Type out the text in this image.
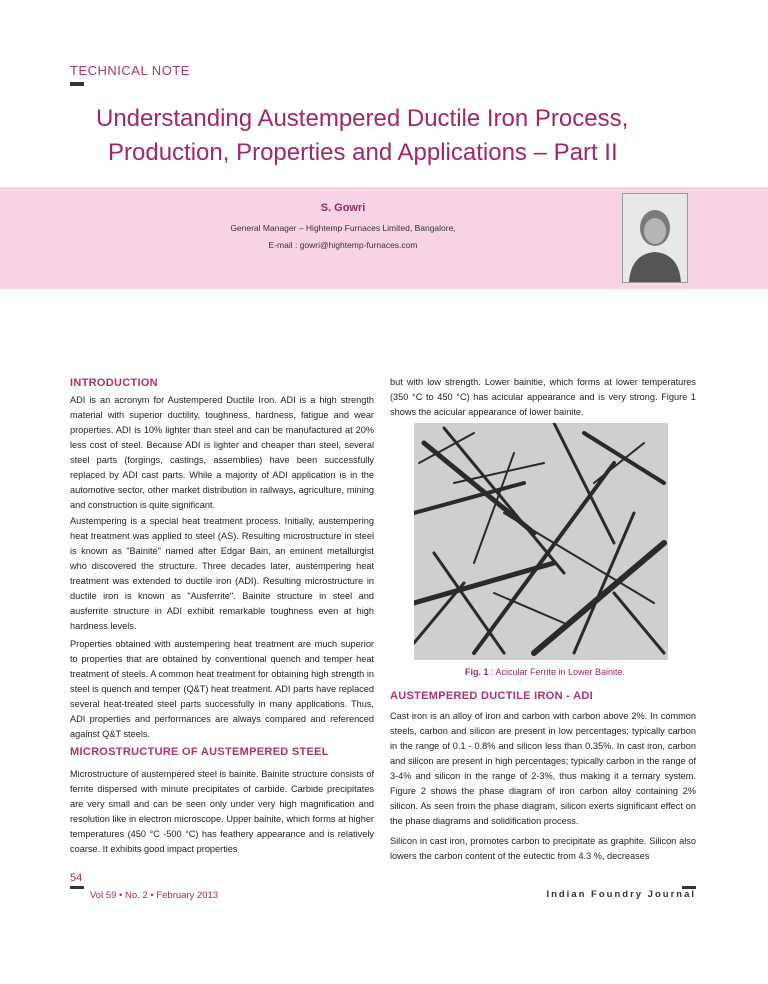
TECHNICAL NOTE
Understanding Austempered Ductile Iron Process,
Production, Properties and Applications – Part II
S. Gowri
General Manager – Hightemp Furnaces Limited, Bangalore,
E-mail : gowri@hightemp-furnaces.com
INTRODUCTION

ADI is an acronym for Austempered Ductile Iron. ADI is a high strength material with superior ductility, toughness, hardness, fatigue and wear properties. ADI is 10% lighter than steel and can be manufactured at 20% less cost of steel. Because ADI is lighter and cheaper than steel, several steel parts (forgings, castings, assemblies) have been successfully replaced by ADI cast parts. While a majority of ADI application is in the automotive sector, other market distribution in railways, agriculture, mining and construction is quite significant.

Austempering is a special heat treatment process. Initially, austempering heat treatment was applied to steel (AS). Resulting microstructure in steel is known as "Bainite" named after Edgar Bain, an eminent metallurgist who discovered the structure. Three decades later, austempering heat treatment was extended to ductile iron (ADI). Resulting microstructure in ductile iron is known as "Ausferrite". Bainite structure in steel and ausferrite structure in ADI exhibit remarkable toughness even at high hardness levels.

Properties obtained with austempering heat treatment are much superior to properties that are obtained by conventional quench and temper heat treatment of steels. A common heat treatment for obtaining high strength in steel is quench and temper (Q&T) heat treatment. ADI parts have replaced several heat-treated steel parts successfully in many applications. Thus, ADI properties and performances are always compared and referenced against Q&T steels.

MICROSTRUCTURE OF AUSTEMPERED STEEL

Microstructure of austempered steel is bainite. Bainite structure consists of ferrite dispersed with minute precipitates of carbide. Carbide precipitates are very small and can be seen only under very high magnification and resolution like in electron microscope. Upper bainite, which forms at higher temperatures (450 °C -500 °C) has feathery appearance and is relatively coarse. It exhibits good impact properties

but with low strength. Lower bainitie, which forms at lower temperatures (350 °C to 450 °C) has acicular appearance and is very strong. Figure 1 shows the acicular appearance of lower bainite.

Fig. 1 : Acicular Ferrite in Lower Bainite.
AUSTEMPERED DUCTILE IRON - ADI

Cast iron is an alloy of iron and carbon with carbon above 2%. In common steels, carbon and silicon are present in low percentages; typically carbon in the range of 0.1 - 0.8% and silicon less than 0.35%. In cast iron, carbon and silicon are present in high percentages; typically carbon in the range of 3-4% and silicon in the range of 2-3%, thus making it a ternary system. Figure 2 shows the phase diagram of iron carbon alloy containing 2% silicon. As seen from the phase diagram, silicon exerts significant effect on the phase diagrams and solidification process.

Silicon in cast iron, promotes carbon to precipitate as graphite. Silicon also lowers the carbon content of the eutectic from 4.3 %, decreases

54
Vol 59 • No. 2 • February 2013	Indian Foundry Journal
